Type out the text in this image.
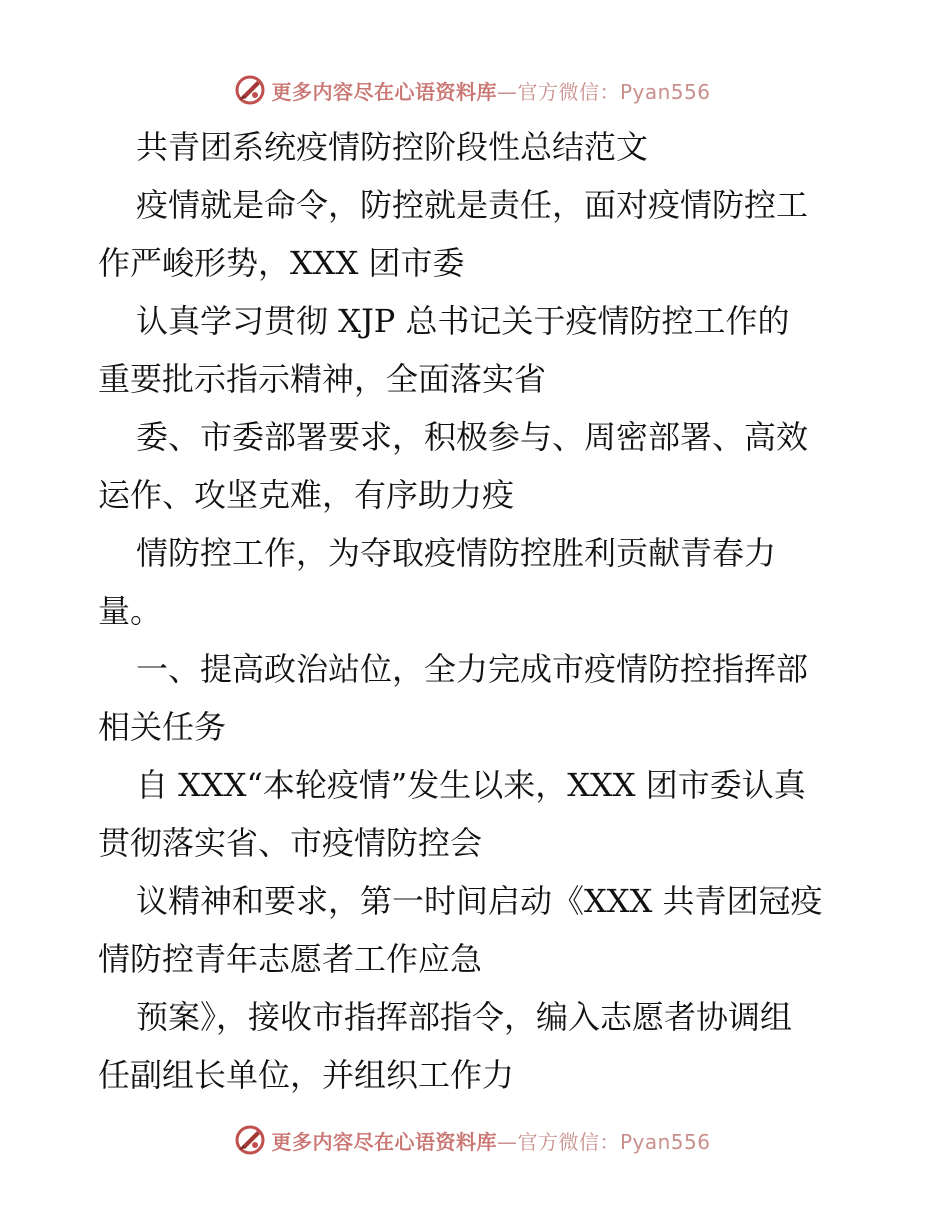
更多内容尽在心语资料库—官方微信：Pyan556
共青团系统疫情防控阶段性总结范文
疫情就是命令，防控就是责任，面对疫情防控工
作严峻形势，XXX 团市委
认真学习贯彻 XJP 总书记关于疫情防控工作的
重要批示指示精神，全面落实省
委、市委部署要求，积极参与、周密部署、高效
运作、攻坚克难，有序助力疫
情防控工作，为夺取疫情防控胜利贡献青春力
量。
一、提高政治站位，全力完成市疫情防控指挥部
相关任务
自 XXX“本轮疫情”发生以来，XXX 团市委认真
贯彻落实省、市疫情防控会
议精神和要求，第一时间启动《XXX 共青团冠疫
情防控青年志愿者工作应急
预案》，接收市指挥部指令，编入志愿者协调组
任副组长单位，并组织工作力
更多内容尽在心语资料库—官方微信：Pyan556
